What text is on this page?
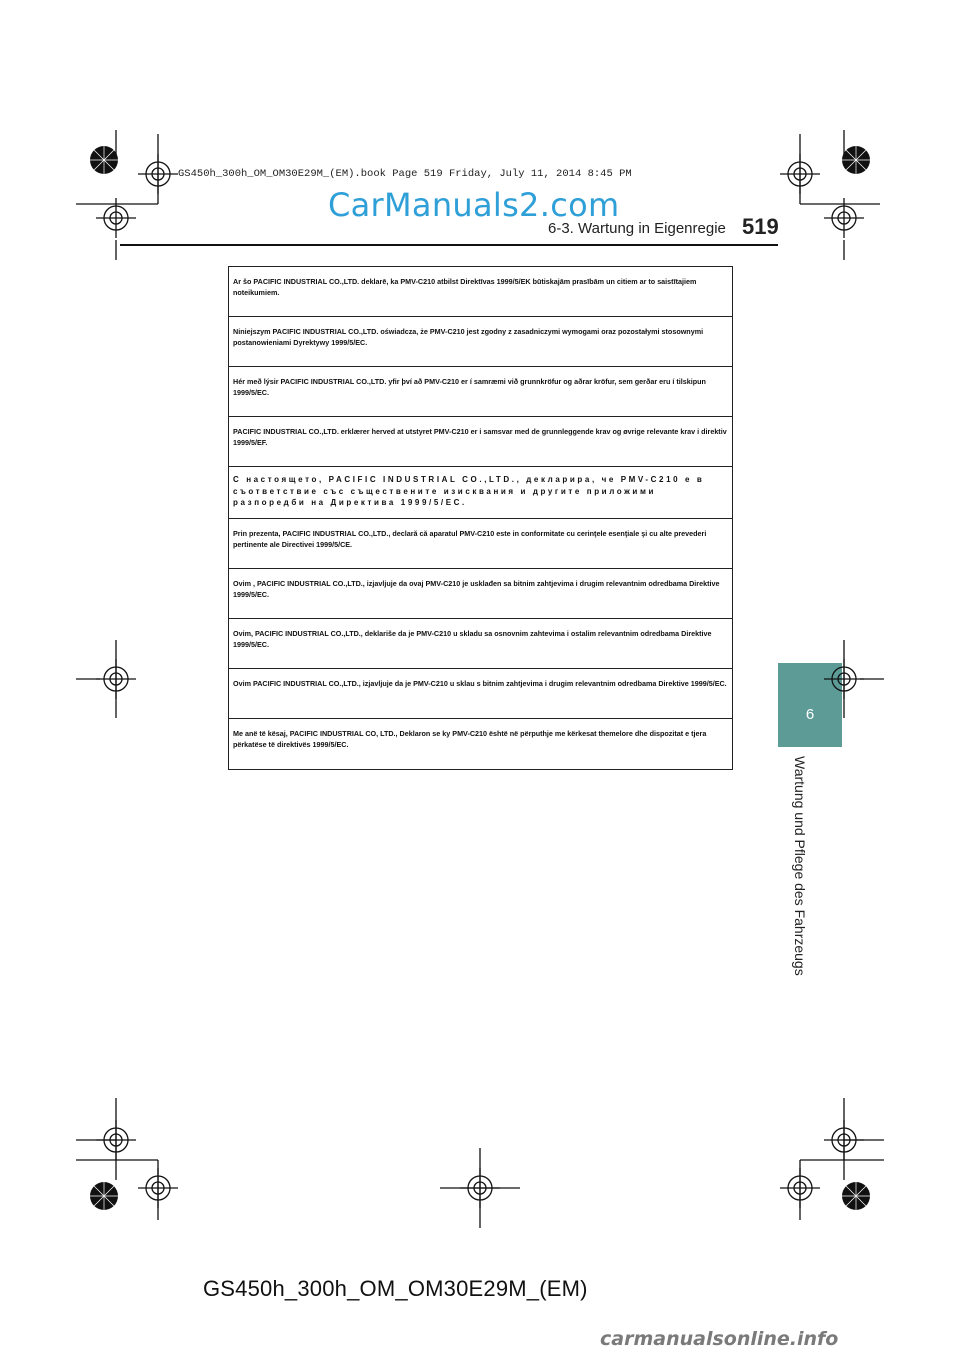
GS450h_300h_OM_OM30E29M_(EM).book Page 519 Friday, July 11, 2014 8:45 PM
CarManuals2.com
6-3. Wartung in Eigenregie 519
6
Wartung und Pflege des Fahrzeugs
Ar šo PACIFIC INDUSTRIAL CO.,LTD. deklarē, ka PMV-C210 atbilst Direktīvas 1999/5/EK būtiskajām prasībām un citiem ar to saistītajiem noteikumiem.
Niniejszym PACIFIC INDUSTRIAL CO.,LTD. oświadcza, że PMV-C210 jest zgodny z zasadniczymi wymogami oraz pozostałymi stosownymi postanowieniami Dyrektywy 1999/5/EC.
Hér með lýsir PACIFIC INDUSTRIAL CO.,LTD. yfir því að PMV-C210 er í samræmi við grunnkröfur og aðrar kröfur, sem gerðar eru í tilskipun 1999/5/EC.
PACIFIC INDUSTRIAL CO.,LTD. erklærer herved at utstyret PMV-C210 er i samsvar med de grunnleggende krav og øvrige relevante krav i direktiv 1999/5/EF.
С настоящето, PACIFIC INDUSTRIAL CO.,LTD., декларира, че PMV-C210 е в съответствие със съществените изисквания и другите приложими разпоредби на Директива 1999/5/ЕС.
Prin prezenta, PACIFIC INDUSTRIAL CO.,LTD., declară că aparatul PMV-C210 este in conformitate cu cerinţele esenţiale şi cu alte prevederi pertinente ale Directivei 1999/5/CE.
Ovim , PACIFIC INDUSTRIAL CO.,LTD., izjavljuje da ovaj PMV-C210 je usklađen sa bitnim zahtjevima i drugim relevantnim odredbama Direktive 1999/5/EC.
Ovim, PACIFIC INDUSTRIAL CO.,LTD., deklariše da je PMV-C210 u skladu sa osnovnim zahtevima i ostalim relevantnim odredbama Direktive 1999/5/EC.
Ovim PACIFIC INDUSTRIAL CO.,LTD., izjavljuje da je PMV-C210 u sklau s bitnim zahtjevima i drugim relevantnim odredbama Direktive 1999/5/EC.
Me anë të kësaj, PACIFIC INDUSTRIAL CO, LTD., Deklaron se ky PMV-C210 është në përputhje me kërkesat themelore dhe dispozitat e tjera përkatëse të direktivës 1999/5/EC.
GS450h_300h_OM_OM30E29M_(EM)
carmanualsonline.info
